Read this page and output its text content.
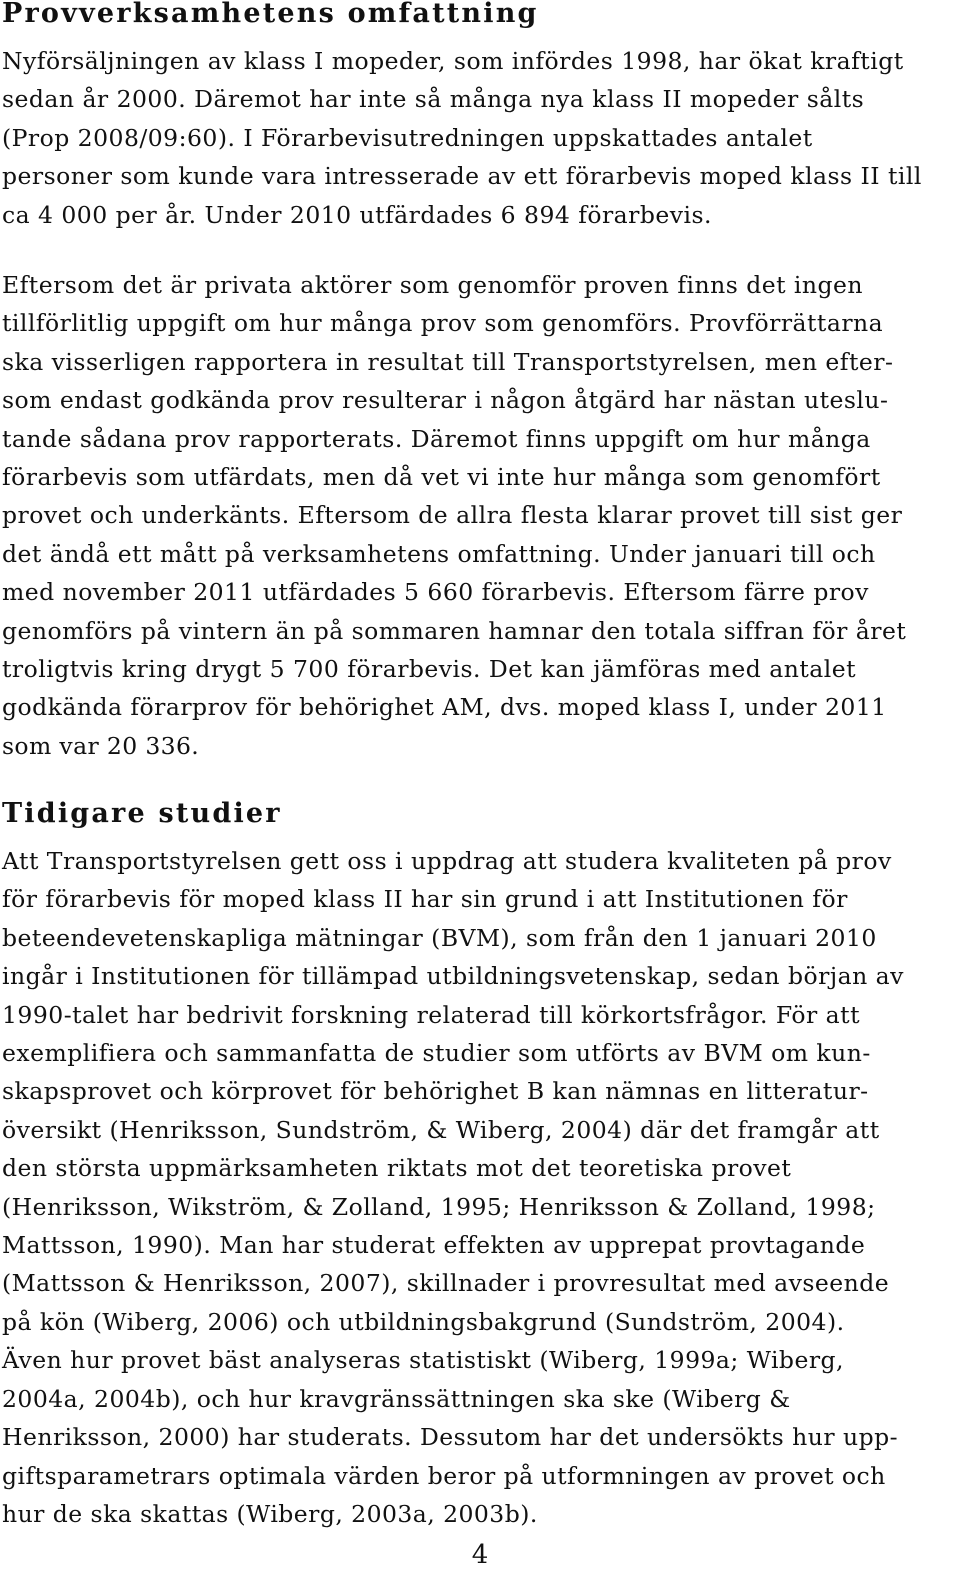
Provverksamhetens omfattning

Nyförsäljningen av klass I mopeder, som infördes 1998, har ökat kraftigt
sedan år 2000. Däremot har inte så många nya klass II mopeder sålts
(Prop 2008/09:60). I Förarbevisutredningen uppskattades antalet
personer som kunde vara intresserade av ett förarbevis moped klass II till
ca 4 000 per år. Under 2010 utfärdades 6 894 förarbevis.

Eftersom det är privata aktörer som genomför proven finns det ingen
tillförlitlig uppgift om hur många prov som genomförs. Provförrättarna
ska visserligen rapportera in resultat till Transportstyrelsen, men efter-
som endast godkända prov resulterar i någon åtgärd har nästan uteslu-
tande sådana prov rapporterats. Däremot finns uppgift om hur många
förarbevis som utfärdats, men då vet vi inte hur många som genomfört
provet och underkänts. Eftersom de allra flesta klarar provet till sist ger
det ändå ett mått på verksamhetens omfattning. Under januari till och
med november 2011 utfärdades 5 660 förarbevis. Eftersom färre prov
genomförs på vintern än på sommaren hamnar den totala siffran för året
troligtvis kring drygt 5 700 förarbevis. Det kan jämföras med antalet
godkända förarprov för behörighet AM, dvs. moped klass I, under 2011
som var 20 336.

Tidigare studier

Att Transportstyrelsen gett oss i uppdrag att studera kvaliteten på prov
för förarbevis för moped klass II har sin grund i att Institutionen för
beteendevetenskapliga mätningar (BVM), som från den 1 januari 2010
ingår i Institutionen för tillämpad utbildningsvetenskap, sedan början av
1990-talet har bedrivit forskning relaterad till körkortsfrågor. För att
exemplifiera och sammanfatta de studier som utförts av BVM om kun-
skapsprovet och körprovet för behörighet B kan nämnas en litteratur-
översikt (Henriksson, Sundström, & Wiberg, 2004) där det framgår att
den största uppmärksamheten riktats mot det teoretiska provet
(Henriksson, Wikström, & Zolland, 1995; Henriksson & Zolland, 1998;
Mattsson, 1990). Man har studerat effekten av upprepat provtagande
(Mattsson & Henriksson, 2007), skillnader i provresultat med avseende
på kön (Wiberg, 2006) och utbildningsbakgrund (Sundström, 2004).
Även hur provet bäst analyseras statistiskt (Wiberg, 1999a; Wiberg,
2004a, 2004b), och hur kravgränssättningen ska ske (Wiberg &
Henriksson, 2000) har studerats. Dessutom har det undersökts hur upp-
giftsparametrars optimala värden beror på utformningen av provet och
hur de ska skattas (Wiberg, 2003a, 2003b).

4
